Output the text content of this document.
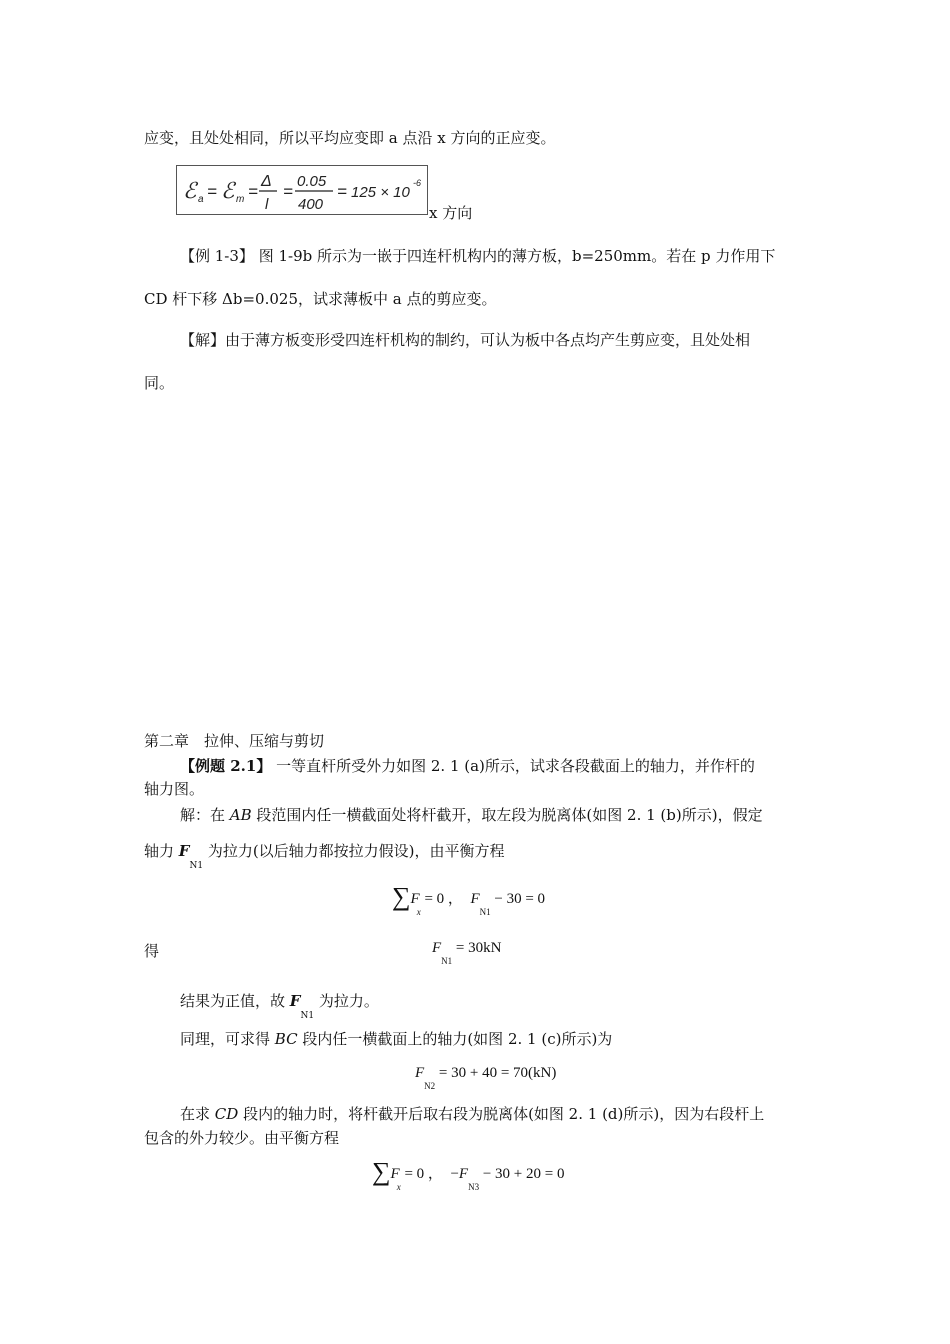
应变，且处处相同，所以平均应变即 a 点沿 x 方向的正应变。
ℰ a = ℰ m =
Δ
l
=
0.05
400
= 125 × 10
-6
x 方向
【例 1-3】 图 1-9b 所示为一嵌于四连杆机构内的薄方板，b=250mm。若在 p 力作用下
CD 杆下移 Δb=0.025，试求薄板中 a 点的剪应变。
【解】由于薄方板变形受四连杆机构的制约，可认为板中各点均产生剪应变，且处处相
同。
第二章　拉伸、压缩与剪切
【例题 2.1】 一等直杆所受外力如图 2. 1 (a)所示，试求各段截面上的轴力，并作杆的
轴力图。
解：在 AB 段范围内任一横截面处将杆截开，取左段为脱离体(如图 2. 1 (b)所示)，假定
轴力 $F_{N1}$ 为拉力(以后轴力都按拉力假设)，由平衡方程
$\sum F_x = 0$ ， $F_{N1} - 30 = 0$
得	$F_{N1} = 30kN$
结果为正值，故 $F_{N1}$ 为拉力。
同理，可求得 BC 段内任一横截面上的轴力(如图 2. 1 (c)所示)为
$F_{N2} = 30 + 40 = 70(kN)$
在求 CD 段内的轴力时，将杆截开后取右段为脱离体(如图 2. 1 (d)所示)，因为右段杆上
包含的外力较少。由平衡方程
$\sum F_x = 0$ ， $-F_{N3} - 30 + 20 = 0$
